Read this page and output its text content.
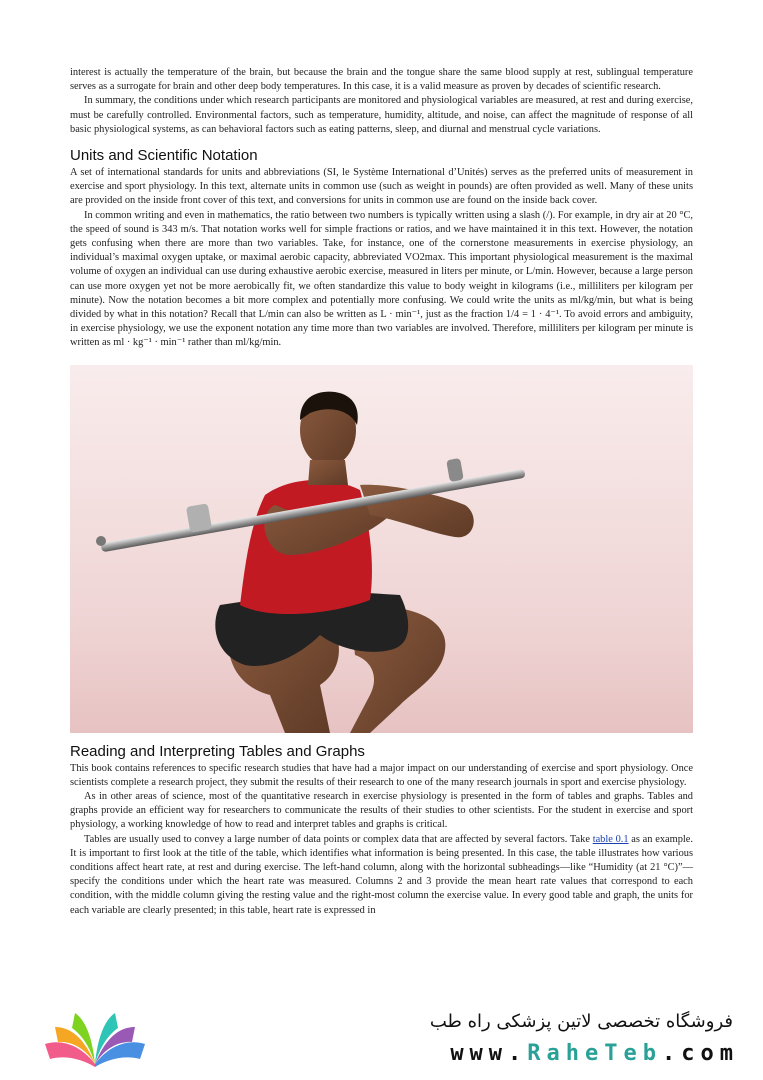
interest is actually the temperature of the brain, but because the brain and the tongue share the same blood supply at rest, sublingual temperature serves as a surrogate for brain and other deep body temperatures. In this case, it is a valid measure as proven by decades of scientific research.

In summary, the conditions under which research participants are monitored and physiological variables are measured, at rest and during exercise, must be carefully controlled. Environmental factors, such as temperature, humidity, altitude, and noise, can affect the magnitude of response of all basic physiological systems, as can behavioral factors such as eating patterns, sleep, and diurnal and menstrual cycle variations.

Units and Scientific Notation

A set of international standards for units and abbreviations (SI, le Système International d’Unités) serves as the preferred units of measurement in exercise and sport physiology. In this text, alternate units in common use (such as weight in pounds) are often provided as well. Many of these units are provided on the inside front cover of this text, and conversions for units in common use are found on the inside back cover.

In common writing and even in mathematics, the ratio between two numbers is typically written using a slash (/). For example, in dry air at 20 °C, the speed of sound is 343 m/s. That notation works well for simple fractions or ratios, and we have maintained it in this text. However, the notation gets confusing when there are more than two variables. Take, for instance, one of the cornerstone measurements in exercise physiology, an individual’s maximal oxygen uptake, or maximal aerobic capacity, abbreviated VO2max. This important physiological measurement is the maximal volume of oxygen an individual can use during exhaustive aerobic exercise, measured in liters per minute, or L/min. However, because a large person can use more oxygen yet not be more aerobically fit, we often standardize this value to body weight in kilograms (i.e., milliliters per kilogram per minute). Now the notation becomes a bit more complex and potentially more confusing. We could write the units as ml/kg/min, but what is being divided by what in this notation? Recall that L/min can also be written as L · min⁻¹, just as the fraction 1/4 = 1 · 4⁻¹. To avoid errors and ambiguity, in exercise physiology, we use the exponent notation any time more than two variables are involved. Therefore, milliliters per kilogram per minute is written as ml · kg⁻¹ · min⁻¹ rather than ml/kg/min.

Reading and Interpreting Tables and Graphs

This book contains references to specific research studies that have had a major impact on our understanding of exercise and sport physiology. Once scientists complete a research project, they submit the results of their research to one of the many research journals in sport and exercise physiology.

As in other areas of science, most of the quantitative research in exercise physiology is presented in the form of tables and graphs. Tables and graphs provide an efficient way for researchers to communicate the results of their studies to other scientists. For the student in exercise and sport physiology, a working knowledge of how to read and interpret tables and graphs is critical.

Tables are usually used to convey a large number of data points or complex data that are affected by several factors. Take table 0.1 as an example. It is important to first look at the title of the table, which identifies what information is being presented. In this case, the table illustrates how various conditions affect heart rate, at rest and during exercise. The left-hand column, along with the horizontal subheadings—like “Humidity (at 21 °C)”—specify the conditions under which the heart rate was measured. Columns 2 and 3 provide the mean heart rate values that correspond to each condition, with the middle column giving the resting value and the right-most column the exercise value. In every good table and graph, the units for each variable are clearly presented; in this table, heart rate is expressed in

فروشگاه تخصصی لاتین پزشکی راه طب
www.RaheTeb.com
